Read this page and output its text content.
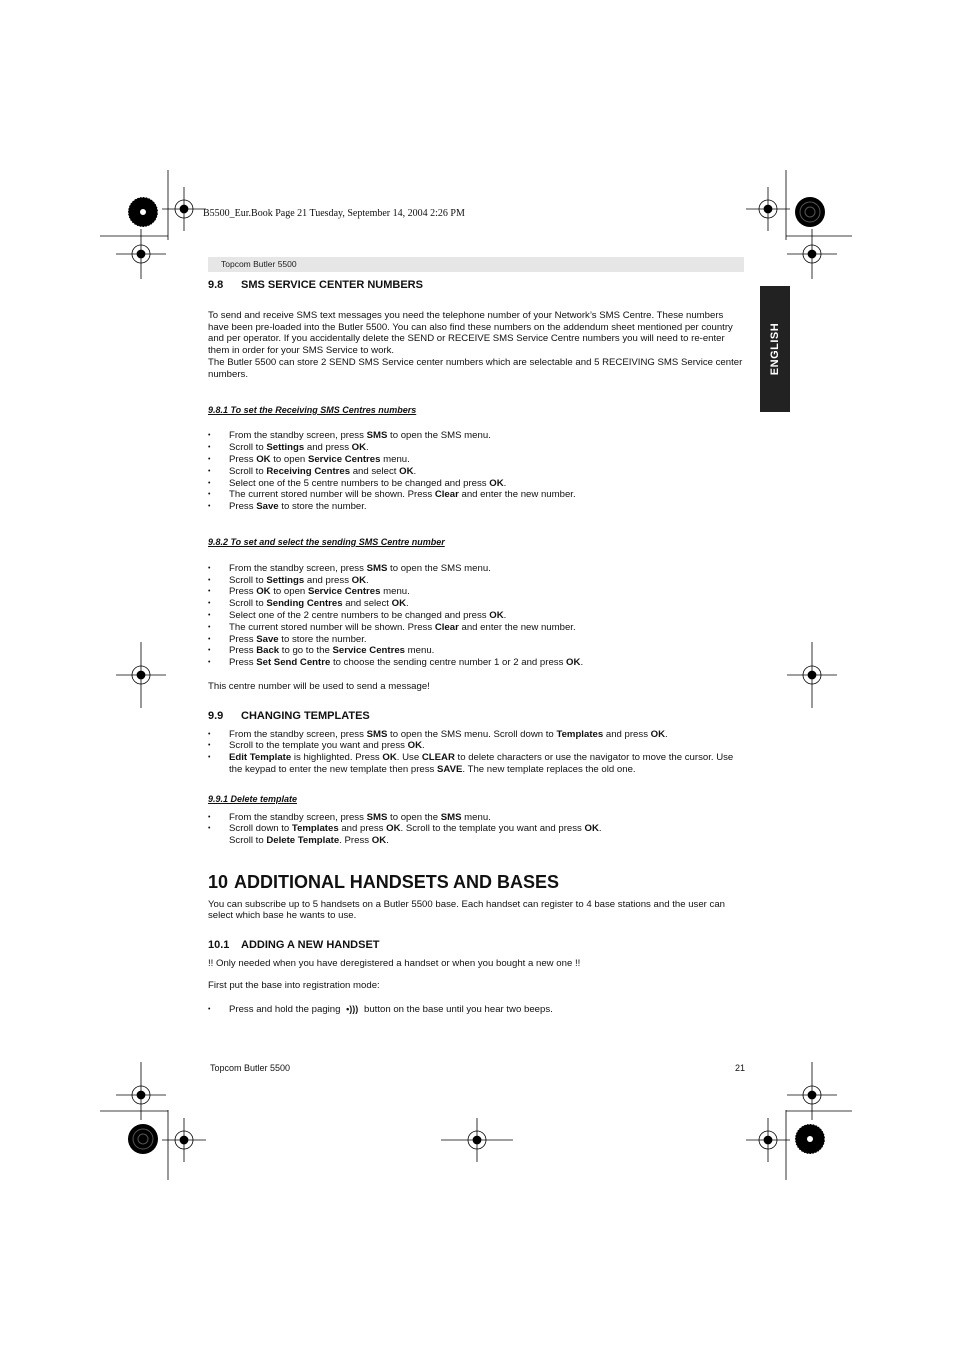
B5500_Eur.Book Page 21 Tuesday, September 14, 2004 2:26 PM
Topcom Butler 5500
ENGLISH
9.8 SMS SERVICE CENTER NUMBERS

To send and receive SMS text messages you need the telephone number of your Network’s SMS Centre. These numbers have been pre-loaded into the Butler 5500. You can also find these numbers on the addendum sheet mentioned per country and per operator. If you accidentally delete the SEND or RECEIVE SMS Service Centre numbers you will need to re-enter them in order for your SMS Service to work.

The Butler 5500 can store 2 SEND SMS Service center numbers which are selectable and 5 RECEIVING SMS Service center numbers.

9.8.1 To set the Receiving SMS Centres numbers

• From the standby screen, press SMS to open the SMS menu.
• Scroll to Settings and press OK.
• Press OK to open Service Centres menu.
• Scroll to Receiving Centres and select OK.
• Select one of the 5 centre numbers to be changed and press OK.
• The current stored number will be shown. Press Clear and enter the new number.
• Press Save to store the number.

9.8.2 To set and select the sending SMS Centre number

• From the standby screen, press SMS to open the SMS menu.
• Scroll to Settings and press OK.
• Press OK to open Service Centres menu.
• Scroll to Sending Centres and select OK.
• Select one of the 2 centre numbers to be changed and press OK.
• The current stored number will be shown. Press Clear and enter the new number.
• Press Save to store the number.
• Press Back to go to the Service Centres menu.
• Press Set Send Centre to choose the sending centre number 1 or 2 and press OK.

This centre number will be used to send a message!

9.9 CHANGING TEMPLATES
• From the standby screen, press SMS to open the SMS menu. Scroll down to Templates and press OK.
• Scroll to the template you want and press OK.
• Edit Template is highlighted. Press OK. Use CLEAR to delete characters or use the navigator to move the cursor. Use the keypad to enter the new template then press SAVE. The new template replaces the old one.

9.9.1 Delete template

• From the standby screen, press SMS to open the SMS menu.
• Scroll down to Templates and press OK. Scroll to the template you want and press OK.

Scroll to Delete Template. Press OK.

10 ADDITIONAL HANDSETS AND BASES

You can subscribe up to 5 handsets on a Butler 5500 base. Each handset can register to 4 base stations and the user can select which base he wants to use.

10.1 ADDING A NEW HANDSET

!! Only needed when you have deregistered a handset or when you bought a new one !!

First put the base into registration mode:

• Press and hold the paging •))) button on the base until you hear two beeps.
Topcom Butler 5500	21
